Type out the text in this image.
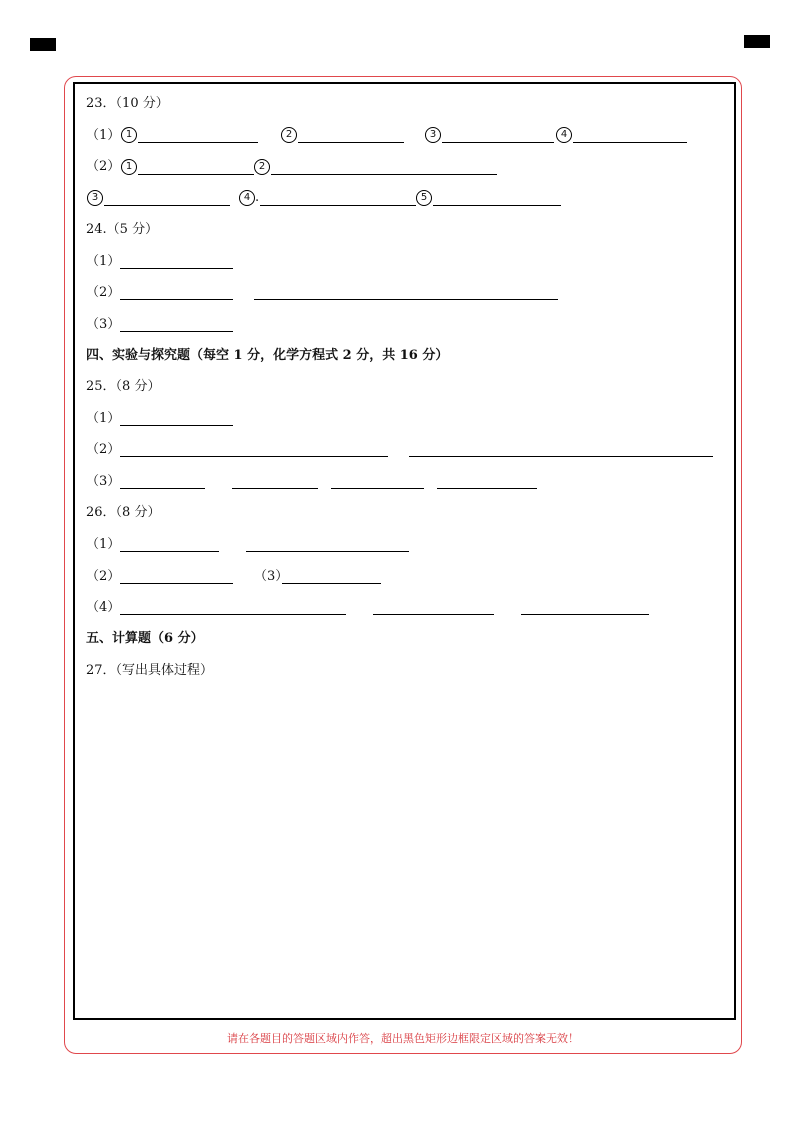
23．（10 分）
（1） 1	2	3	4
（2） 1	2
3	4 .	5
24.（5 分）
（1）
（2）
（3）
四、实验与探究题（每空 1 分，化学方程式 2 分，共 16 分）
25．（8 分）
（1）
（2）
（3）
26．（8 分）
（1）
（2）	（3）
（4）
五、计算题（6 分）
27．（写出具体过程）
请在各题目的答题区域内作答，超出黑色矩形边框限定区域的答案无效！
